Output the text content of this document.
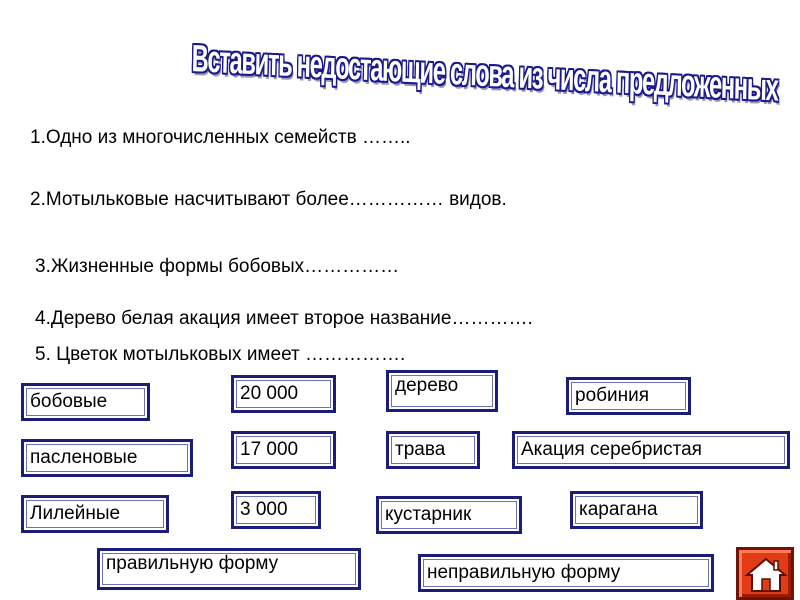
Вставить недостающие слова из числа предложенных
1.Одно из многочисленных семейств ……..
2.Мотыльковые насчитывают более…………… видов.
3.Жизненные формы бобовых……………
4.Дерево белая акация имеет второе название………….
5. Цветок мотыльковых имеет …………….
бобовые
пасленовые
Лилейные
20 000
17 000
3 000
дерево
трава
кустарник
робиния
Акация серебристая
карагана
правильную форму	неправильную форму
